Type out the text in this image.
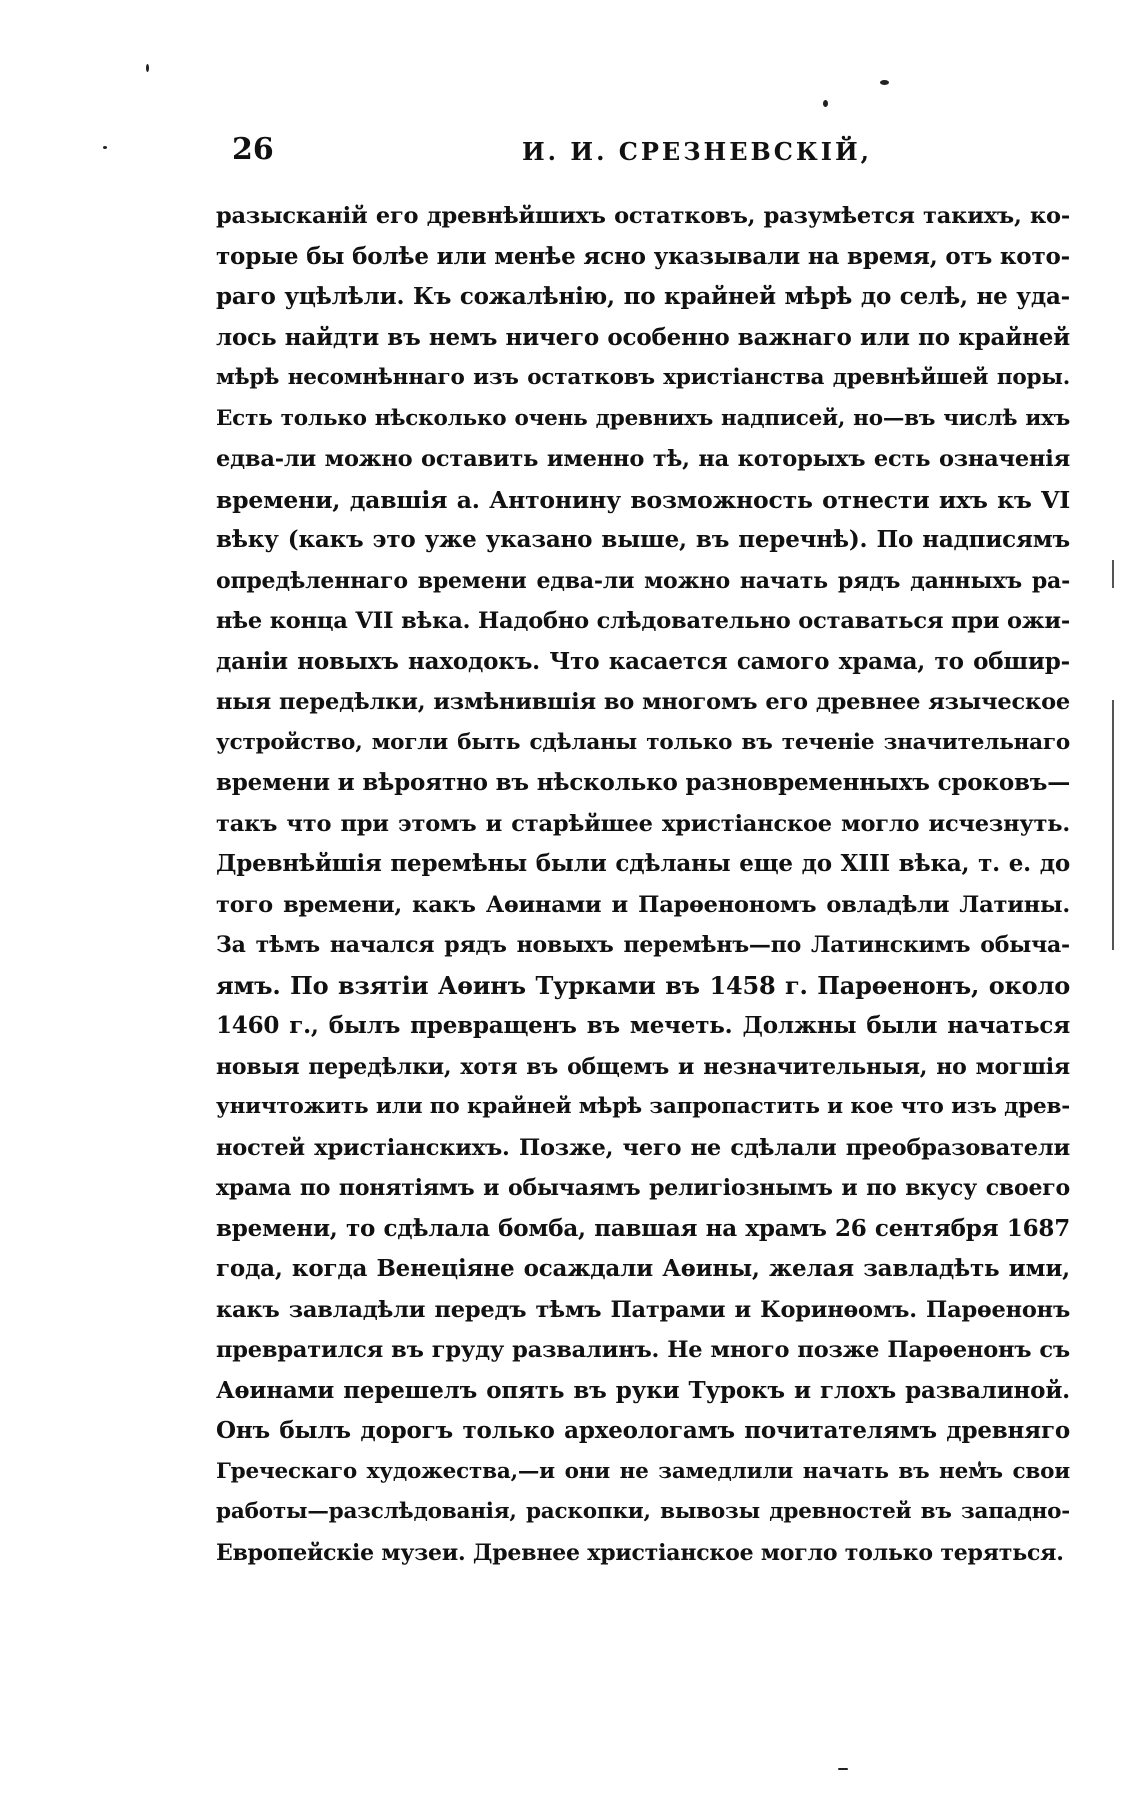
26	И. И. СРЕЗНЕВСКІЙ,
разысканій его древнѣйшихъ остатковъ, разумѣется такихъ, ко-
торые бы болѣе или менѣе ясно указывали на время, отъ кото-
раго уцѣлѣли. Къ сожалѣнію, по крайней мѣрѣ до селѣ, не уда-
лось найдти въ немъ ничего особенно важнаго или по крайней
мѣрѣ несомнѣннаго изъ остатковъ христіанства древнѣйшей поры.
Есть только нѣсколько очень древнихъ надписей, но—въ числѣ ихъ
едва-ли можно оставить именно тѣ, на которыхъ есть означенія
времени, давшія а. Антонину возможность отнести ихъ къ VI
вѣку (какъ это уже указано выше, въ перечнѣ). По надписямъ
опредѣленнаго времени едва-ли можно начать рядъ данныхъ ра-
нѣе конца VII вѣка. Надобно слѣдовательно оставаться при ожи-
даніи новыхъ находокъ. Что касается самого храма, то обшир-
ныя передѣлки, измѣнившія во многомъ его древнее языческое
устройство, могли быть сдѣланы только въ теченіе значительнаго
времени и вѣроятно въ нѣсколько разновременныхъ сроковъ—
такъ что при этомъ и старѣйшее христіанское могло исчезнуть.
Древнѣйшія перемѣны были сдѣланы еще до XIII вѣка, т. е. до
того времени, какъ Аѳинами и Парѳенономъ овладѣли Латины.
За тѣмъ начался рядъ новыхъ перемѣнъ—по Латинскимъ обыча-
ямъ. По взятіи Аѳинъ Турками въ 1458 г. Парѳенонъ, около
1460 г., былъ превращенъ въ мечеть. Должны были начаться
новыя передѣлки, хотя въ общемъ и незначительныя, но могшія
уничтожить или по крайней мѣрѣ запропастить и кое что изъ древ-
ностей христіанскихъ. Позже, чего не сдѣлали преобразователи
храма по понятіямъ и обычаямъ религіознымъ и по вкусу своего
времени, то сдѣлала бомба, павшая на храмъ 26 сентября 1687
года, когда Венеціяне осаждали Аѳины, желая завладѣть ими,
какъ завладѣли передъ тѣмъ Патрами и Коринѳомъ. Парѳенонъ
превратился въ груду развалинъ. Не много позже Парѳенонъ съ
Аѳинами перешелъ опять въ руки Турокъ и глохъ развалиной.
Онъ былъ дорогъ только археологамъ почитателямъ древняго
Греческаго художества,—и они не замедлили начать въ немъ свои
работы—разслѣдованія, раскопки, вывозы древностей въ западно-
Европейскіе музеи. Древнее христіанское могло только теряться.
